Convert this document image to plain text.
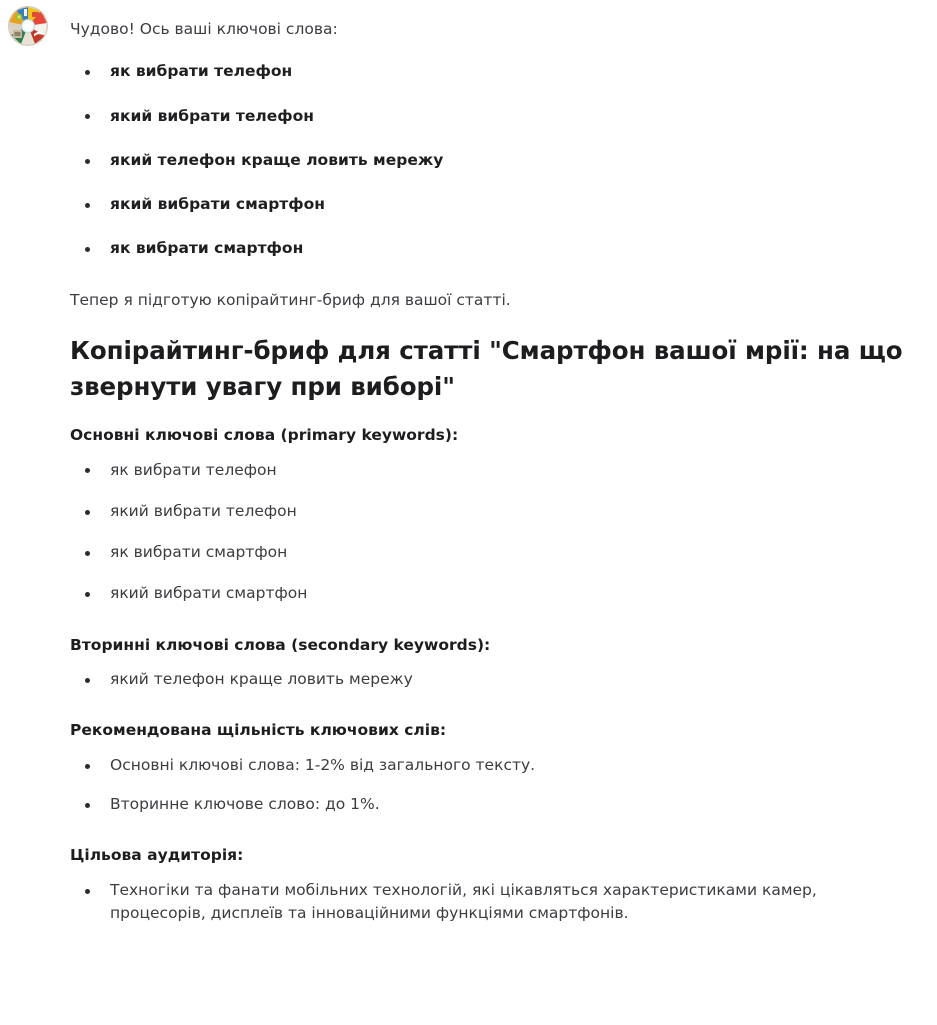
Чудово! Ось ваші ключові слова:

як вибрати телефон
який вибрати телефон
який телефон краще ловить мережу
який вибрати смартфон
як вибрати смартфон

Тепер я підготую копірайтинг-бриф для вашої статті.

Копірайтинг-бриф для статті "Смартфон вашої мрії: на що звернути увагу при виборі"
Основні ключові слова (primary keywords):
як вибрати телефон
який вибрати телефон
як вибрати смартфон
який вибрати смартфон
Вторинні ключові слова (secondary keywords):
який телефон краще ловить мережу
Рекомендована щільність ключових слів:
Основні ключові слова: 1-2% від загального тексту.
Вторинне ключове слово: до 1%.
Цільова аудиторія:
Техногіки та фанати мобільних технологій, які цікавляться характеристиками камер, процесорів, дисплеїв та інноваційними функціями смартфонів.
